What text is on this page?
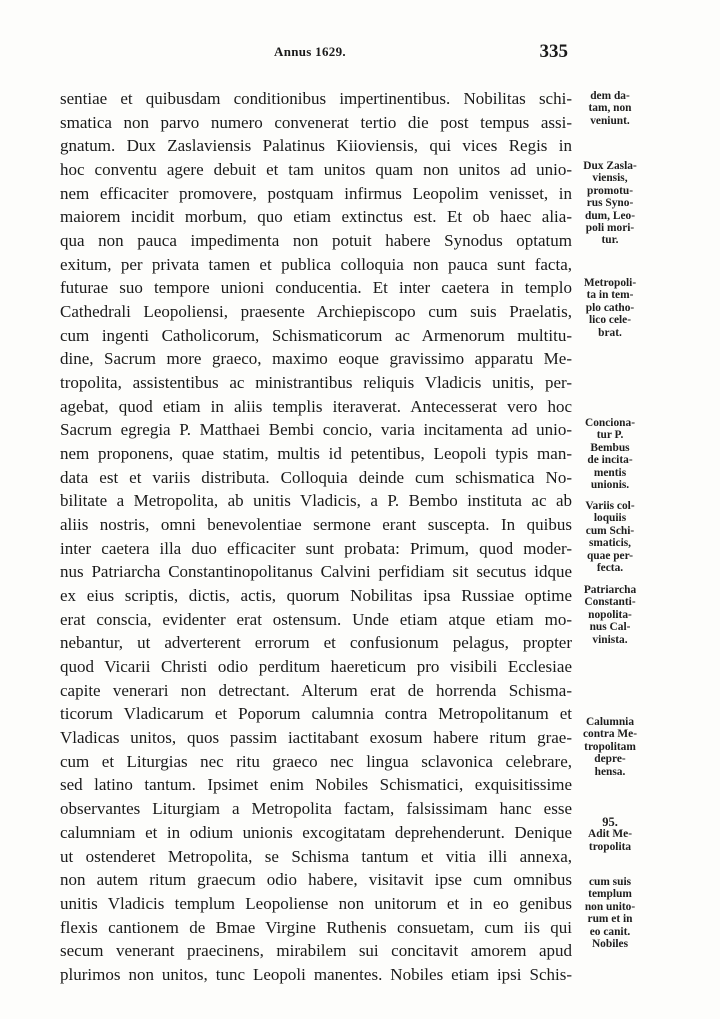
Annus 1629.	335
sentiae et quibusdam conditionibus impertinentibus. Nobilitas schi-
smatica non parvo numero convenerat tertio die post tempus assi-
gnatum. Dux Zaslaviensis Palatinus Kiioviensis, qui vices Regis in
hoc conventu agere debuit et tam unitos quam non unitos ad unio-
nem efficaciter promovere, postquam infirmus Leopolim venisset, in
maiorem incidit morbum, quo etiam extinctus est. Et ob haec alia-
qua non pauca impedimenta non potuit habere Synodus optatum
exitum, per privata tamen et publica colloquia non pauca sunt facta,
futurae suo tempore unioni conducentia. Et inter caetera in templo
Cathedrali Leopoliensi, praesente Archiepiscopo cum suis Praelatis,
cum ingenti Catholicorum, Schismaticorum ac Armenorum multitu-
dine, Sacrum more graeco, maximo eoque gravissimo apparatu Me-
tropolita, assistentibus ac ministrantibus reliquis Vladicis unitis, per-
agebat, quod etiam in aliis templis iteraverat. Antecesserat vero hoc
Sacrum egregia P. Matthaei Bembi concio, varia incitamenta ad unio-
nem proponens, quae statim, multis id petentibus, Leopoli typis man-
data est et variis distributa. Colloquia deinde cum schismatica No-
bilitate a Metropolita, ab unitis Vladicis, a P. Bembo instituta ac ab
aliis nostris, omni benevolentiae sermone erant suscepta. In quibus
inter caetera illa duo efficaciter sunt probata: Primum, quod moder-
nus Patriarcha Constantinopolitanus Calvini perfidiam sit secutus idque
ex eius scriptis, dictis, actis, quorum Nobilitas ipsa Russiae optime
erat conscia, evidenter erat ostensum. Unde etiam atque etiam mo-
nebantur, ut adverterent errorum et confusionum pelagus, propter
quod Vicarii Christi odio perditum haereticum pro visibili Ecclesiae
capite venerari non detrectant. Alterum erat de horrenda Schisma-
ticorum Vladicarum et Poporum calumnia contra Metropolitanum et
Vladicas unitos, quos passim iactitabant exosum habere ritum grae-
cum et Liturgias nec ritu graeco nec lingua sclavonica celebrare,
sed latino tantum. Ipsimet enim Nobiles Schismatici, exquisitissime
observantes Liturgiam a Metropolita factam, falsissimam hanc esse
calumniam et in odium unionis excogitatam deprehenderunt. Denique
ut ostenderet Metropolita, se Schisma tantum et vitia illi annexa,
non autem ritum graecum odio habere, visitavit ipse cum omnibus
unitis Vladicis templum Leopoliense non unitorum et in eo genibus
flexis cantionem de Bmae Virgine Ruthenis consuetam, cum iis qui
secum venerant praecinens, mirabilem sui concitavit amorem apud
plurimos non unitos, tunc Leopoli manentes. Nobiles etiam ipsi Schis-
dem da-
tam, non
veniunt.
Dux Zasla-
viensis,
promotu-
rus Syno-
dum, Leo-
poli mori-
tur.
Metropoli-
ta in tem-
plo catho-
lico cele-
brat.
Conciona-
tur P.
Bembus
de incita-
mentis
unionis.
Variis col-
loquiis
cum Schi-
smaticis,
quae per-
fecta.
Patriarcha
Constanti-
nopolita-
nus Cal-
vinista.
Calumnia
contra Me-
tropolitam
depre-
hensa.
95.
Adit Me-
tropolita
cum suis
templum
non unito-
rum et in
eo canit.
Nobiles
